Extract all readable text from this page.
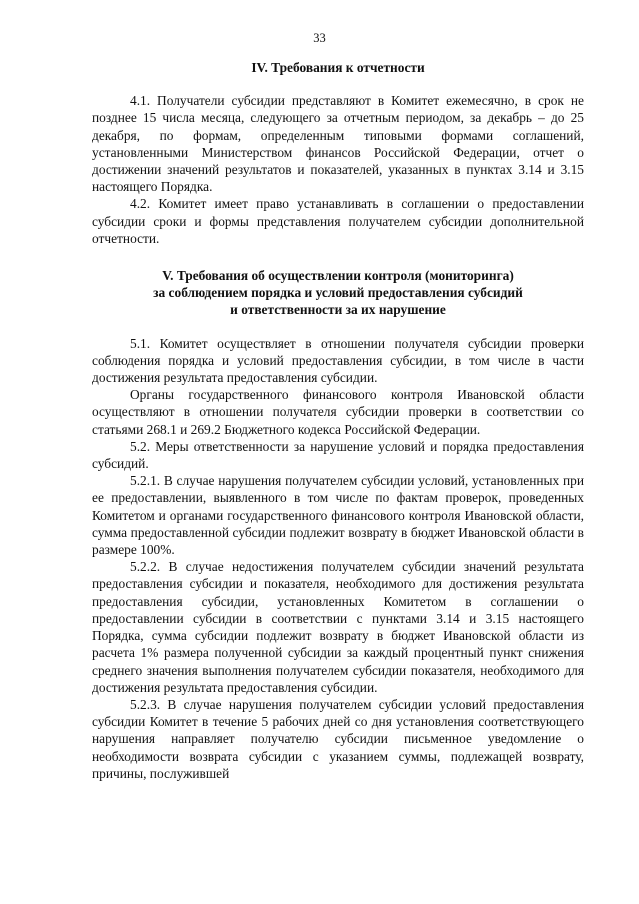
33

IV. Требования к отчетности

4.1. Получатели субсидии представляют в Комитет ежемесячно, в срок не позднее 15 числа месяца, следующего за отчетным периодом, за декабрь – до 25 декабря, по формам, определенным типовыми формами соглашений, установленными Министерством финансов Российской Федерации, отчет о достижении значений результатов и показателей, указанных в пунктах 3.14 и 3.15 настоящего Порядка.

4.2. Комитет имеет право устанавливать в соглашении о предоставлении субсидии сроки и формы представления получателем субсидии дополнительной отчетности.

V. Требования об осуществлении контроля (мониторинга)

за соблюдением порядка и условий предоставления субсидий

и ответственности за их нарушение

5.1. Комитет осуществляет в отношении получателя субсидии проверки соблюдения порядка и условий предоставления субсидии, в том числе в части достижения результата предоставления субсидии.

Органы государственного финансового контроля Ивановской области осуществляют в отношении получателя субсидии проверки в соответствии со статьями 268.1 и 269.2 Бюджетного кодекса Российской Федерации.

5.2. Меры ответственности за нарушение условий и порядка предоставления субсидий.

5.2.1. В случае нарушения получателем субсидии условий, установленных при ее предоставлении, выявленного в том числе по фактам проверок, проведенных Комитетом и органами государственного финансового контроля Ивановской области, сумма предоставленной субсидии подлежит возврату в бюджет Ивановской области в размере 100%.

5.2.2. В случае недостижения получателем субсидии значений результата предоставления субсидии и показателя, необходимого для достижения результата предоставления субсидии, установленных Комитетом в соглашении о предоставлении субсидии в соответствии с пунктами 3.14 и 3.15 настоящего Порядка, сумма субсидии подлежит возврату в бюджет Ивановской области из расчета 1% размера полученной субсидии за каждый процентный пункт снижения среднего значения выполнения получателем субсидии показателя, необходимого для достижения результата предоставления субсидии.

5.2.3. В случае нарушения получателем субсидии условий предоставления субсидии Комитет в течение 5 рабочих дней со дня установления соответствующего нарушения направляет получателю субсидии письменное уведомление о необходимости возврата субсидии с указанием суммы, подлежащей возврату, причины, послужившей
